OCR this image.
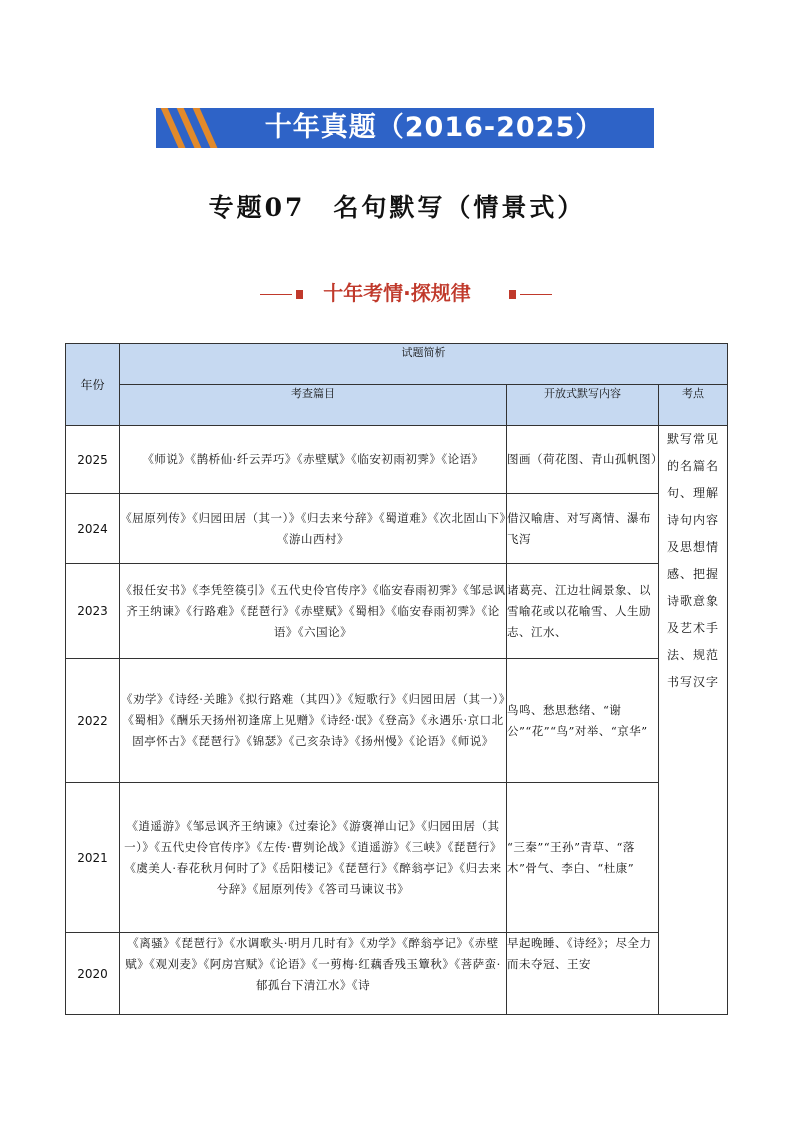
十年真题（2016-2025）
专题07　名句默写（情景式）
十年考情·探规律
年份	试题简析		
	考查篇目	开放式默写内容	考点
2025	《师说》《鹊桥仙·纤云弄巧》《赤壁赋》《临安初雨初霁》《论语》	图画（荷花图、青山孤帆图）	默写常见的名篇名句、理解诗句内容及思想情感、把握诗歌意象及艺术手法、规范书写汉字

2024	《屈原列传》《归园田居（其一）》《归去来兮辞》《蜀道难》《次北固山下》《游山西村》	借汉喻唐、对写离情、瀑布飞泻	
2023	《报任安书》《李凭箜篌引》《五代史伶官传序》《临安春雨初霁》《邹忌讽齐王纳谏》《行路难》《琵琶行》《赤壁赋》《蜀相》《临安春雨初霁》《论语》《六国论》	诸葛亮、江边壮阔景象、以雪喻花或以花喻雪、人生励志、江水、	
2022	《劝学》《诗经·关雎》《拟行路难（其四）》《短歌行》《归园田居（其一）》《蜀相》《酬乐天扬州初逢席上见赠》《诗经·氓》《登高》《永遇乐·京口北固亭怀古》《琵琶行》《锦瑟》《己亥杂诗》《扬州慢》《论语》《师说》	鸟鸣、愁思愁绪、“谢公”“花”“鸟”对举、“京华”	
2021	《逍遥游》《邹忌讽齐王纳谏》《过秦论》《游褒禅山记》《归园田居（其一）》《五代史伶官传序》《左传·曹刿论战》《逍遥游》《三峡》《琵琶行》《虞美人·春花秋月何时了》《岳阳楼记》《琵琶行》《醉翁亭记》《归去来兮辞》《屈原列传》《答司马谏议书》	“三秦”“王孙”青草、“落木”骨气、李白、“杜康”	
2020	《离骚》《琵琶行》《水调歌头·明月几时有》《劝学》《醉翁亭记》《赤壁赋》《观刈麦》《阿房宫赋》《论语》《一剪梅·红藕香残玉簟秋》《菩萨蛮·郁孤台下清江水》《诗	早起晚睡、《诗经》；尽全力而未夺冠、王安	
